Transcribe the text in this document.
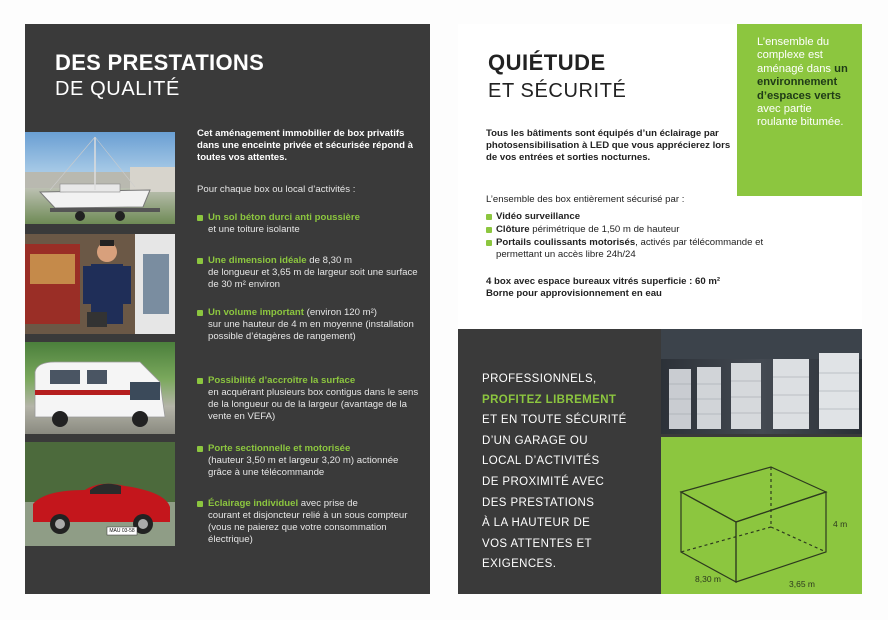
DES PRESTATIONS
DE QUALITÉ
MAU 03-58
Cet aménagement immobilier de box privatifs dans une enceinte privée et sécurisée répond à toutes vos attentes.
Pour chaque box ou local d’activités :
Un sol béton durci anti poussière
et une toiture isolante
Une dimension idéale de 8,30 m
de longueur et 3,65 m de largeur soit une surface de 30 m² environ
Un volume important (environ 120 m²)
sur une hauteur de 4 m en moyenne (installation possible d’étagères de rangement)
Possibilité d’accroître la surface
en acquérant plusieurs box contigus dans le sens de la longueur ou de la largeur (avantage de la vente en VEFA)
Porte sectionnelle et motorisée
(hauteur 3,50 m et largeur 3,20 m) actionnée grâce à une télécommande
Éclairage individuel avec prise de
courant et disjoncteur relié à un sous compteur (vous ne paierez que votre consommation électrique)
QUIÉTUDE
ET SÉCURITÉ
L’ensemble du complexe est aménagé dans un environnement d’espaces verts avec partie roulante bitumée.
Tous les bâtiments sont équipés d’un éclairage par photosensibilisation à LED que vous apprécierez lors de vos entrées et sorties nocturnes.
L’ensemble des box entièrement sécurisé par :
Vidéo surveillance
Clôture périmétrique de 1,50 m de hauteur
Portails coulissants motorisés, activés par télécommande et permettant un accès libre 24h/24
4 box avec espace bureaux vitrés superficie : 60 m²
Borne pour approvisionnement en eau
PROFESSIONNELS,
PROFITEZ LIBREMENT
ET EN TOUTE SÉCURITÉ
D’UN GARAGE OU
LOCAL D’ACTIVITÉS
DE PROXIMITÉ AVEC
DES PRESTATIONS
À LA HAUTEUR DE
VOS ATTENTES ET
EXIGENCES.
4 m
8,30 m	3,65 m
